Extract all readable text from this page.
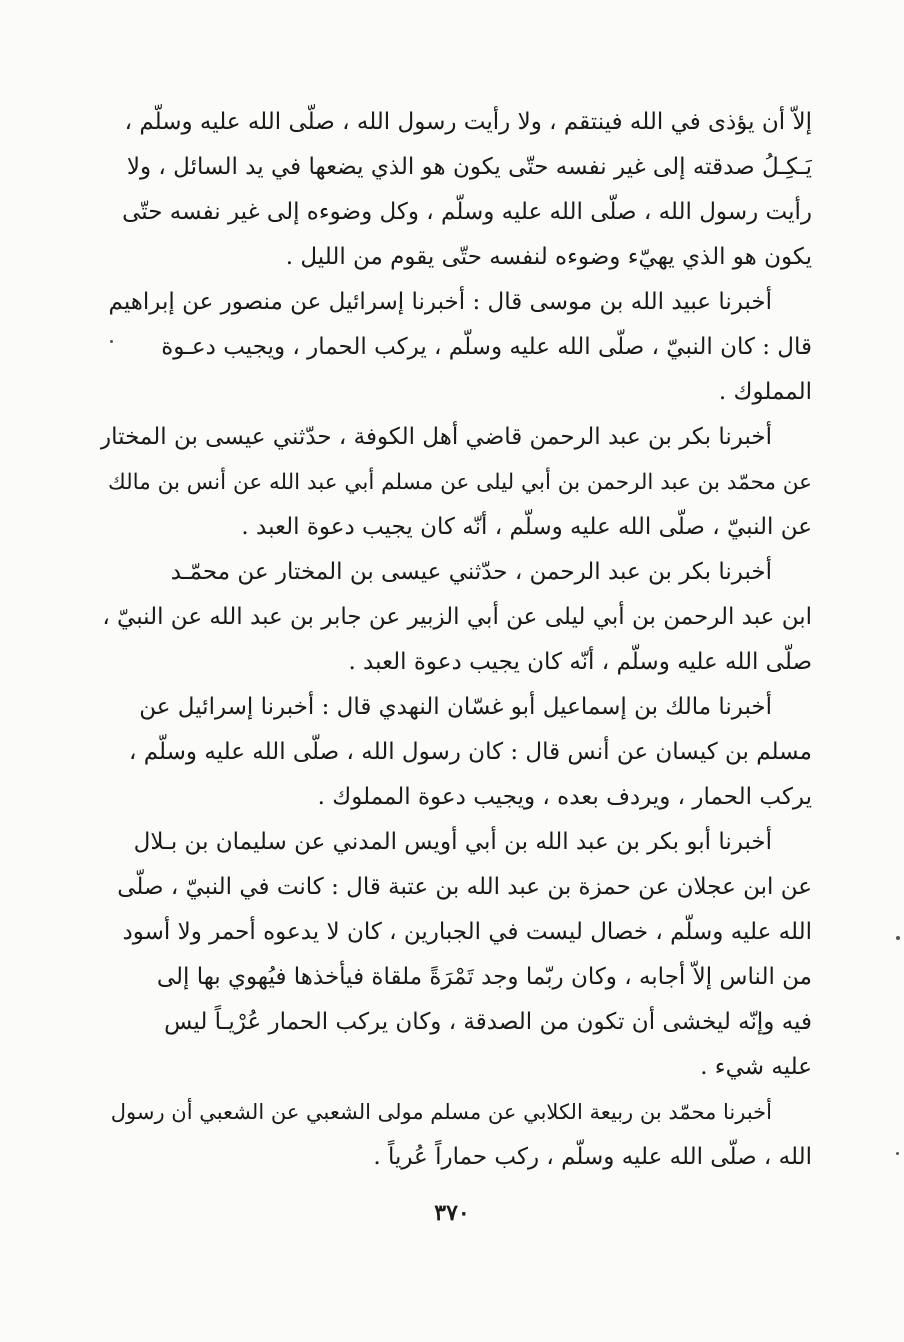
إلاّ أن يؤذى في الله فينتقم ، ولا رأيت رسول الله ، صلّى الله عليه وسلّم ،
يَـكِـلُ صدقته إلى غير نفسه حتّى يكون هو الذي يضعها في يد السائل ، ولا
رأيت رسول الله ، صلّى الله عليه وسلّم ، وكل وضوءه إلى غير نفسه حتّى
يكون هو الذي يهيّء وضوءه لنفسه حتّى يقوم من الليل .
أخبرنا عبيد الله بن موسى قال : أخبرنا إسرائيل عن منصور عن إبراهيم
قال : كان النبيّ ، صلّى الله عليه وسلّم ، يركب الحمار ، ويجيب دعـوة
المملوك .
أخبرنا بكر بن عبد الرحمن قاضي أهل الكوفة ، حدّثني عيسى بن المختار
عن محمّد بن عبد الرحمن بن أبي ليلى عن مسلم أبي عبد الله عن أنس بن مالك
عن النبيّ ، صلّى الله عليه وسلّم ، أنّه كان يجيب دعوة العبد .
أخبرنا بكر بن عبد الرحمن ، حدّثني عيسى بن المختار عن محمّـد
ابن عبد الرحمن بن أبي ليلى عن أبي الزبير عن جابر بن عبد الله عن النبيّ ،
صلّى الله عليه وسلّم ، أنّه كان يجيب دعوة العبد .
أخبرنا مالك بن إسماعيل أبو غسّان النهدي قال : أخبرنا إسرائيل عن
مسلم بن كيسان عن أنس قال : كان رسول الله ، صلّى الله عليه وسلّم ،
يركب الحمار ، ويردف بعده ، ويجيب دعوة المملوك .
أخبرنا أبو بكر بن عبد الله بن أبي أويس المدني عن سليمان بن بـلال
عن ابن عجلان عن حمزة بن عبد الله بن عتبة قال : كانت في النبيّ ، صلّى
الله عليه وسلّم ، خصال ليست في الجبارين ، كان لا يدعوه أحمر ولا أسود
من الناس إلاّ أجابه ، وكان ربّما وجد تَمْرَةً ملقاة فيأخذها فيُهوي بها إلى
فيه وإنّه ليخشى أن تكون من الصدقة ، وكان يركب الحمار عُرْيـاً ليس
عليه شيء .
أخبرنا محمّد بن ربيعة الكلابي عن مسلم مولى الشعبي عن الشعبي أن رسول
الله ، صلّى الله عليه وسلّم ، ركب حماراً عُرياً .
٣٧٠
